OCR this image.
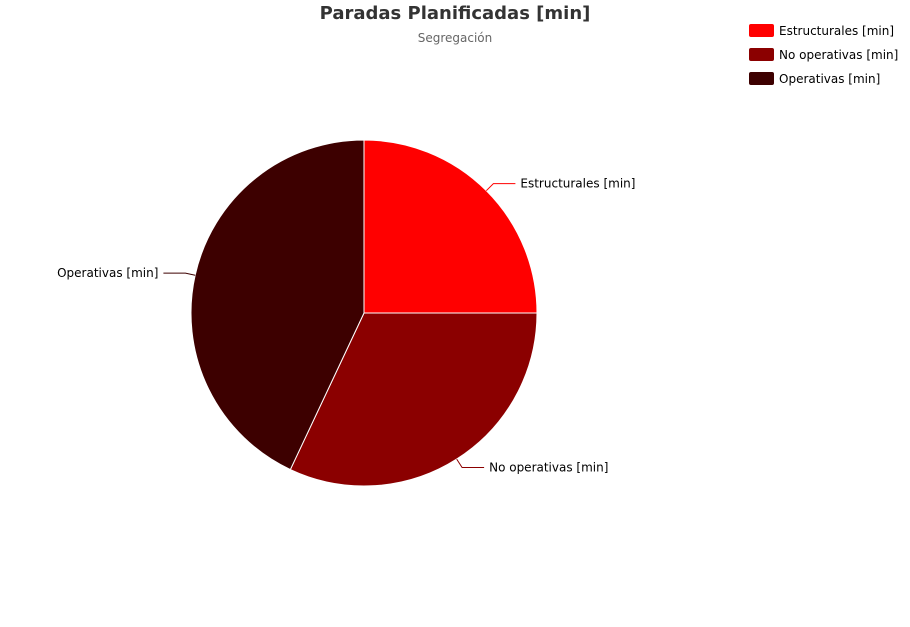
Paradas Planificadas [min]
Segregación
Estructurales [min]
No operativas [min]
Operativas [min]
Estructurales [min]
No operativas [min]
Operativas [min]
